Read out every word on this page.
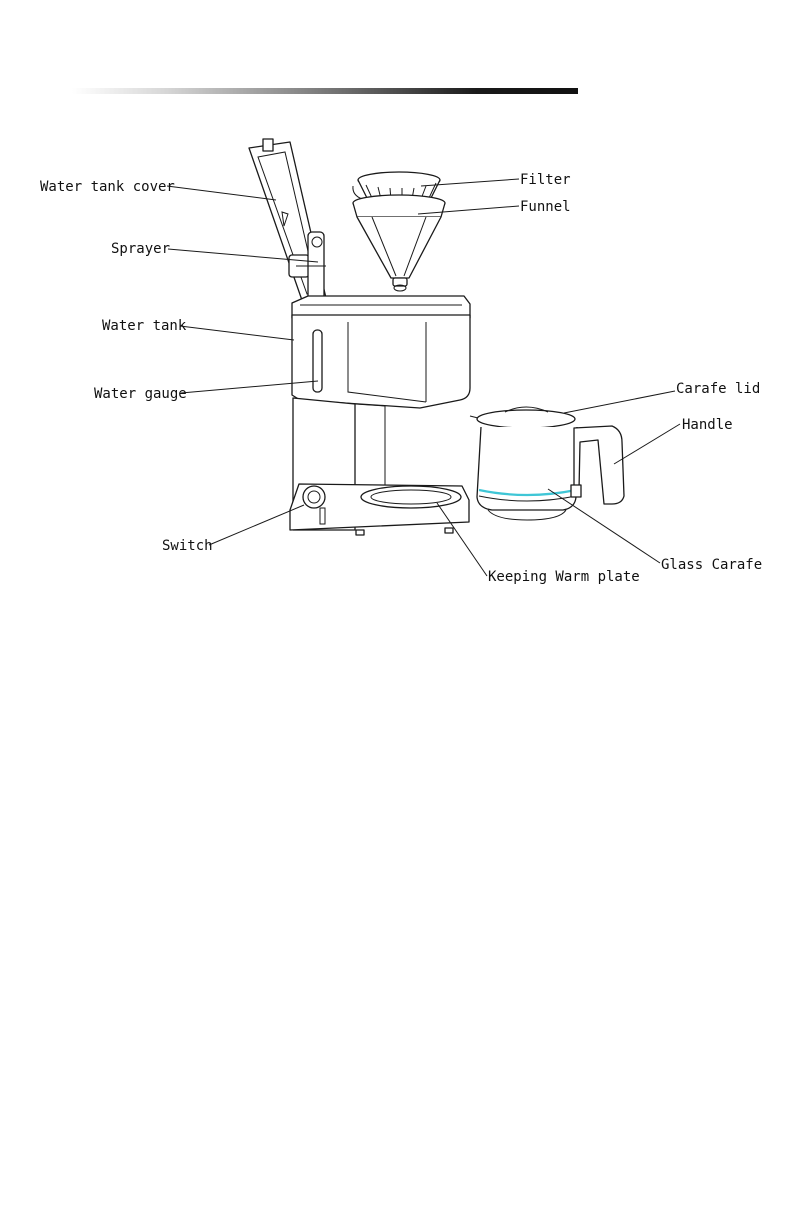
Water tank cover
Sprayer
Water tank
Water gauge
Switch
Filter
Funnel
Carafe lid
Handle
Glass Carafe
Keeping Warm plate
